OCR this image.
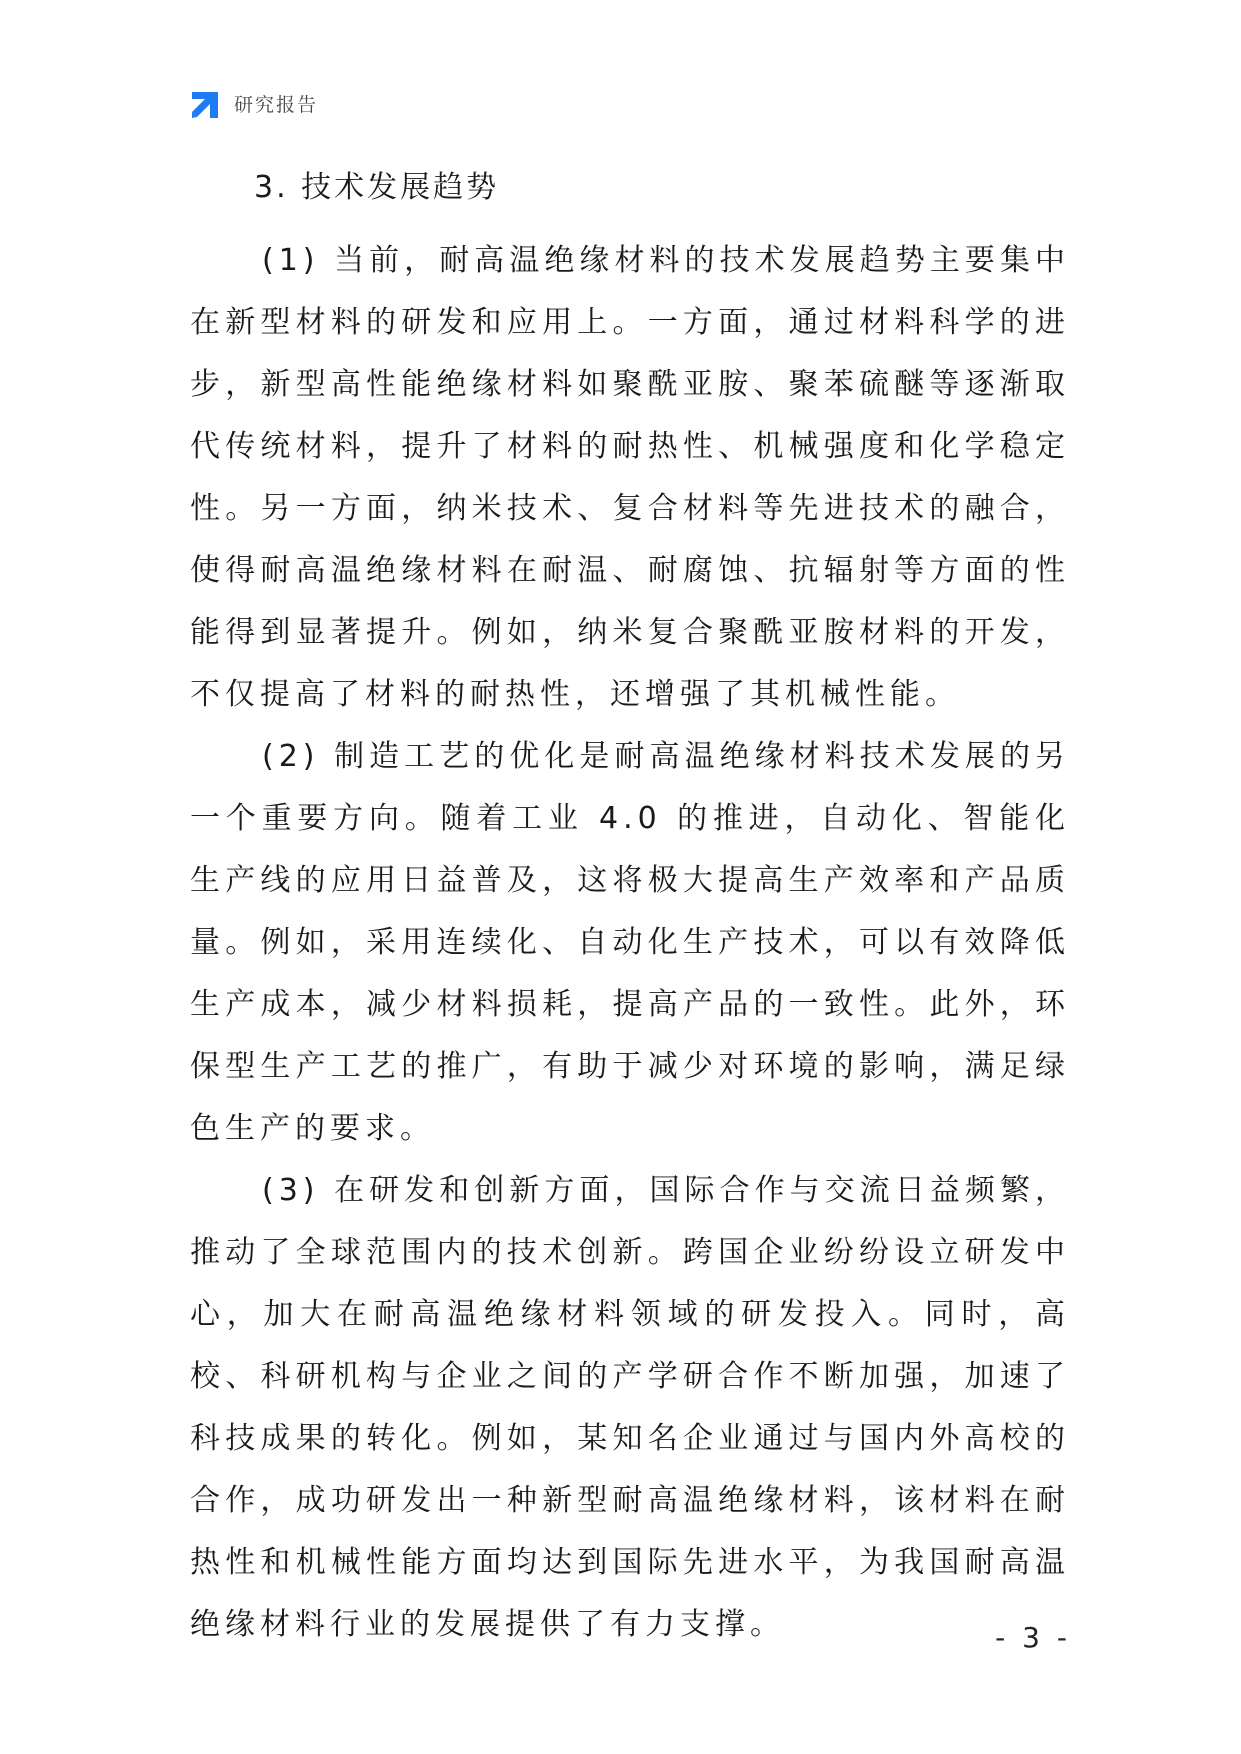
研究报告
3. 技术发展趋势

(1) 当前，耐高温绝缘材料的技术发展趋势主要集中在新型材料的研发和应用上。一方面，通过材料科学的进步，新型高性能绝缘材料如聚酰亚胺、聚苯硫醚等逐渐取代传统材料，提升了材料的耐热性、机械强度和化学稳定性。另一方面，纳米技术、复合材料等先进技术的融合，使得耐高温绝缘材料在耐温、耐腐蚀、抗辐射等方面的性能得到显著提升。例如，纳米复合聚酰亚胺材料的开发，不仅提高了材料的耐热性，还增强了其机械性能。

(2) 制造工艺的优化是耐高温绝缘材料技术发展的另一个重要方向。随着工业 4.0 的推进，自动化、智能化生产线的应用日益普及，这将极大提高生产效率和产品质量。例如，采用连续化、自动化生产技术，可以有效降低生产成本，减少材料损耗，提高产品的一致性。此外，环保型生产工艺的推广，有助于减少对环境的影响，满足绿色生产的要求。

(3) 在研发和创新方面，国际合作与交流日益频繁，推动了全球范围内的技术创新。跨国企业纷纷设立研发中心，加大在耐高温绝缘材料领域的研发投入。同时，高校、科研机构与企业之间的产学研合作不断加强，加速了科技成果的转化。例如，某知名企业通过与国内外高校的合作，成功研发出一种新型耐高温绝缘材料，该材料在耐热性和机械性能方面均达到国际先进水平，为我国耐高温绝缘材料行业的发展提供了有力支撑。	- 3 -
